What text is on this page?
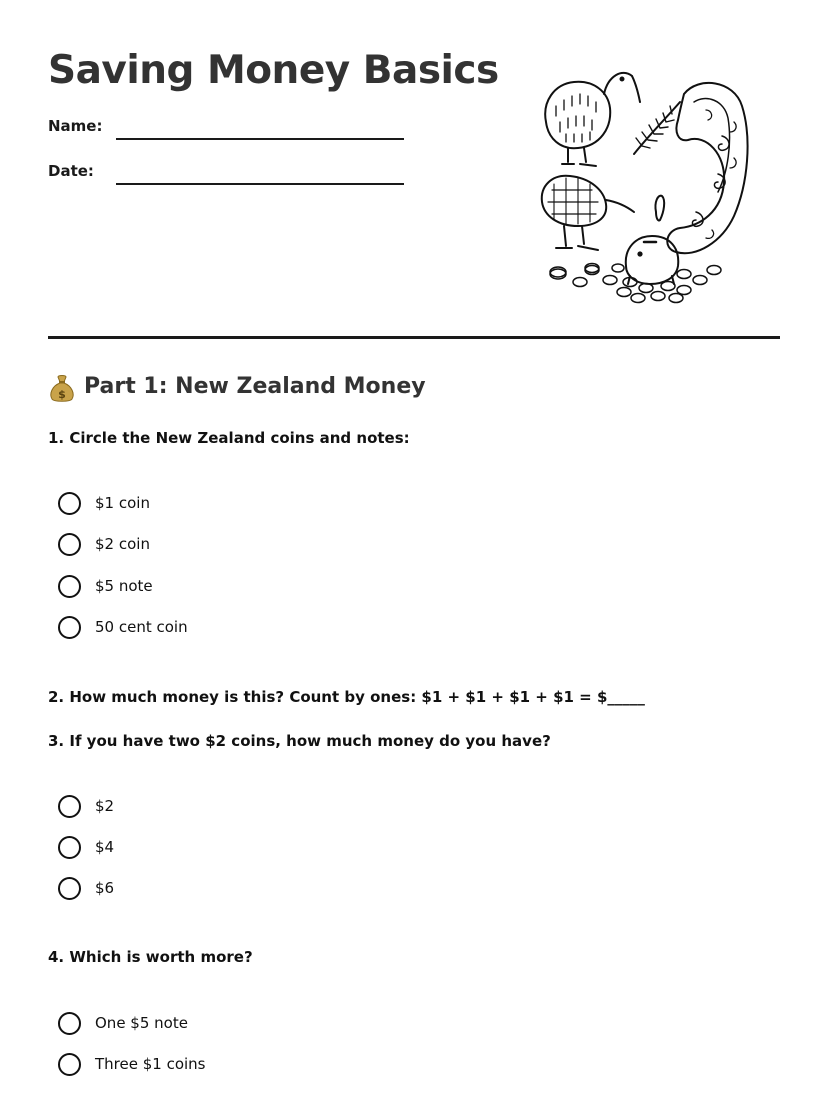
Saving Money Basics
Name:
Date:
$ Part 1: New Zealand Money
1. Circle the New Zealand coins and notes:
$1 coin
$2 coin
$5 note
50 cent coin
2. How much money is this? Count by ones: $1 + $1 + $1 + $1 = $_____
3. If you have two $2 coins, how much money do you have?
$2
$4
$6
4. Which is worth more?
One $5 note
Three $1 coins
